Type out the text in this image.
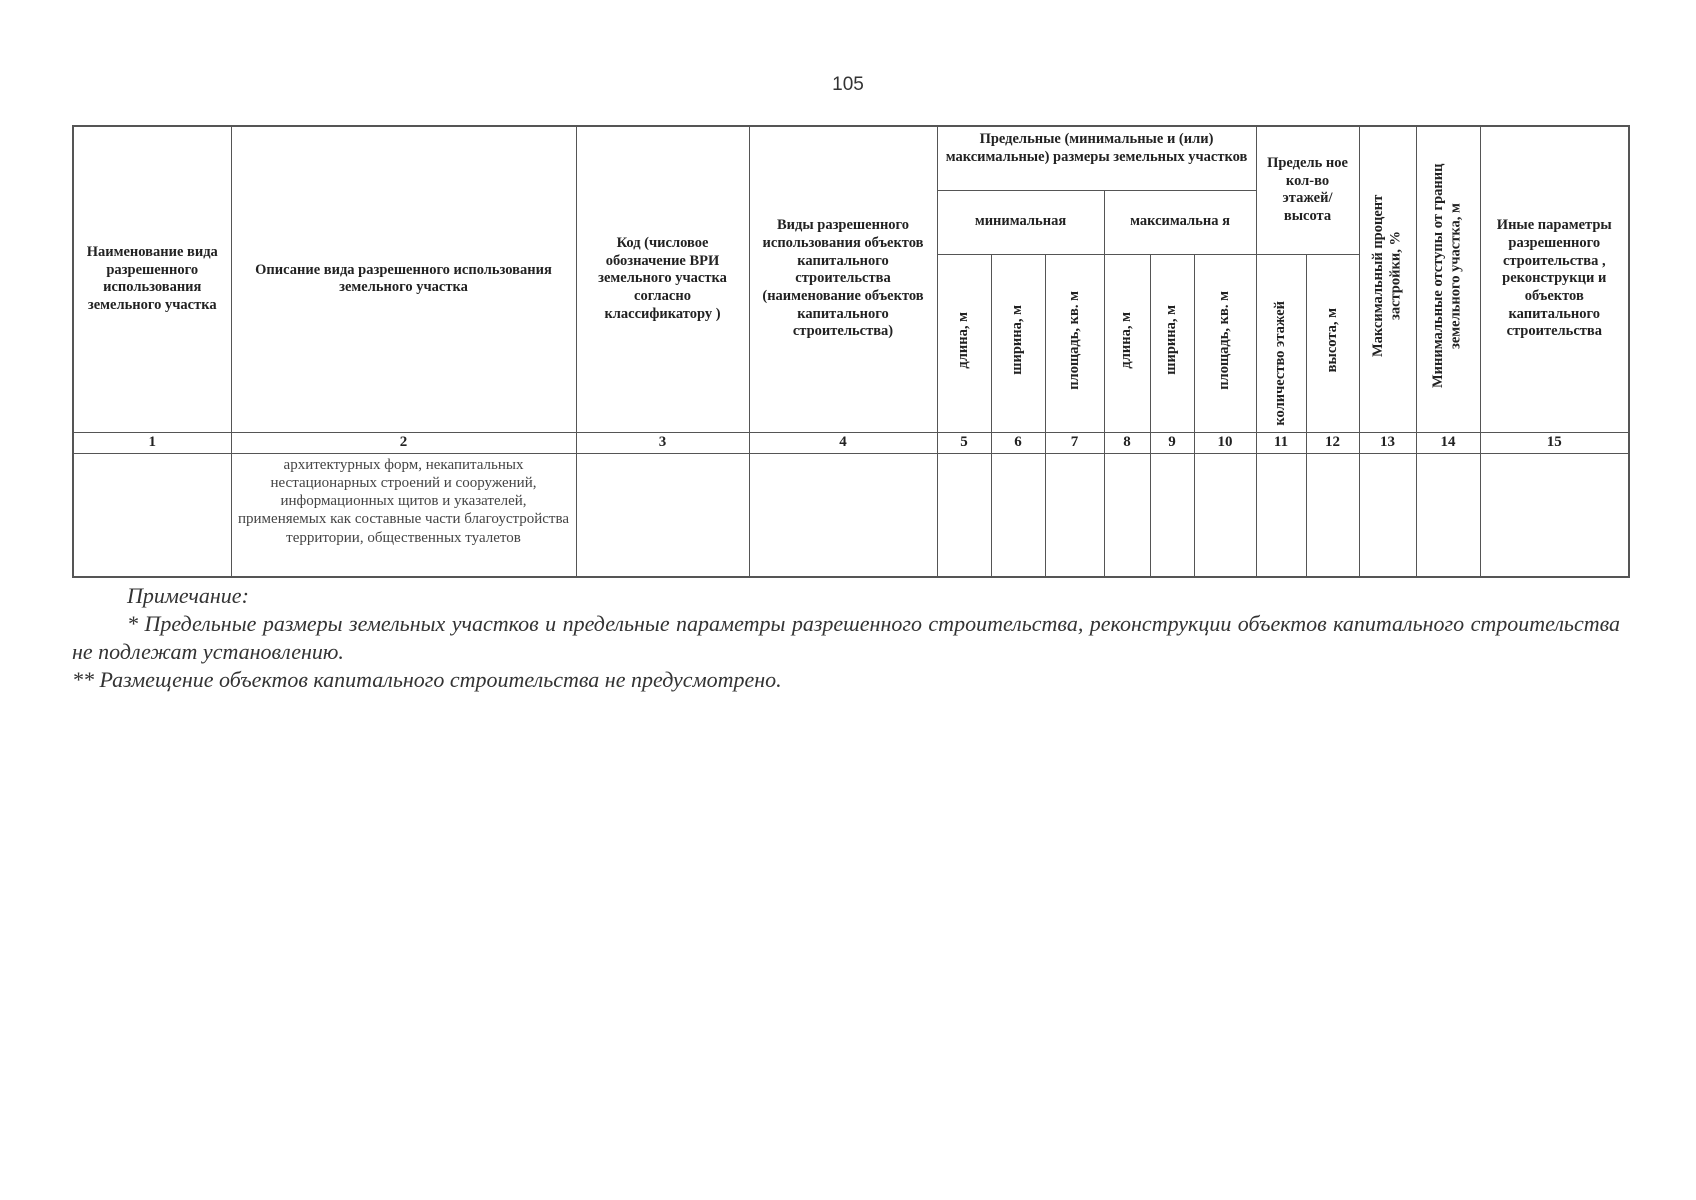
105
Наименование вида разрешенного использования земельного участка	Описание вида разрешенного использования земельного участка	Код (числовое обозначение ВРИ земельного участка согласно классификатору )	Виды разрешенного использования объектов капитального строительства (наименование объектов капитального строительства)	Предельные (минимальные и (или) максимальные) размеры земельных участков						Предель ное кол-во этажей/ высота		Максимальный процент застройки, %	Минимальные отступы от границ земельного участка, м	Иные параметры разрешенного строительства , реконструкци и объектов капитального строительства
				минимальная			максимальна я							
				длина, м	ширина, м	площадь, кв. м	длина, м	ширина, м	площадь, кв. м	количество этажей	высота, м			
1	2	3	4	5	6	7	8	9	10	11	12	13	14	15
	архитектурных форм, некапитальных нестационарных строений и сооружений, информационных щитов и указателей, применяемых как составные части благоустройства территории, общественных туалетов													

Примечание:

* Предельные размеры земельных участков и предельные параметры разрешенного строительства, реконструкции объектов капитального строительства не подлежат установлению.

** Размещение объектов капитального строительства не предусмотрено.
